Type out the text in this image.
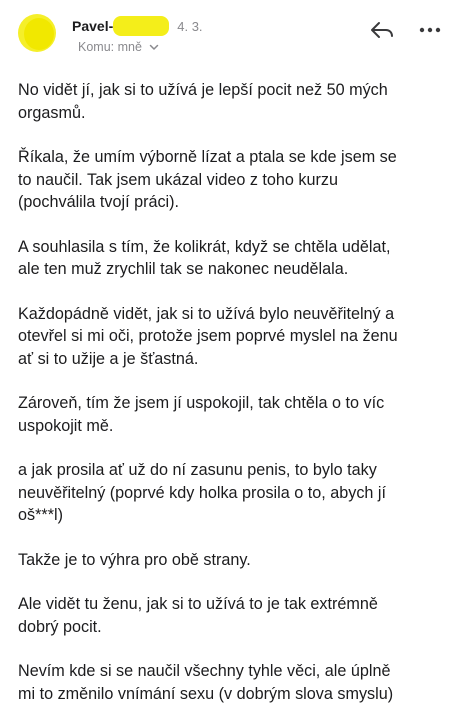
Pavel-	4. 3.
Komu: mně

No vidět jí, jak si to užívá je lepší pocit než 50 mých
orgasmů.

Říkala, že umím výborně lízat a ptala se kde jsem se
to naučil. Tak jsem ukázal video z toho kurzu
(pochválila tvojí práci).

A souhlasila s tím, že kolikrát, když se chtěla udělat,
ale ten muž zrychlil tak se nakonec neudělala.

Každopádně vidět, jak si to užívá bylo neuvěřitelný a
otevřel si mi oči, protože jsem poprvé myslel na ženu
ať si to užije a je šťastná.

Zároveň, tím že jsem jí uspokojil, tak chtěla o to víc
uspokojit mě.

a jak prosila ať už do ní zasunu penis, to bylo taky
neuvěřitelný (poprvé kdy holka prosila o to, abych jí
oš***l)

Takže je to výhra pro obě strany.

Ale vidět tu ženu, jak si to užívá to je tak extrémně
dobrý pocit.

Nevím kde si se naučil všechny tyhle věci, ale úplně
mi to změnilo vnímání sexu (v dobrým slova smyslu)
